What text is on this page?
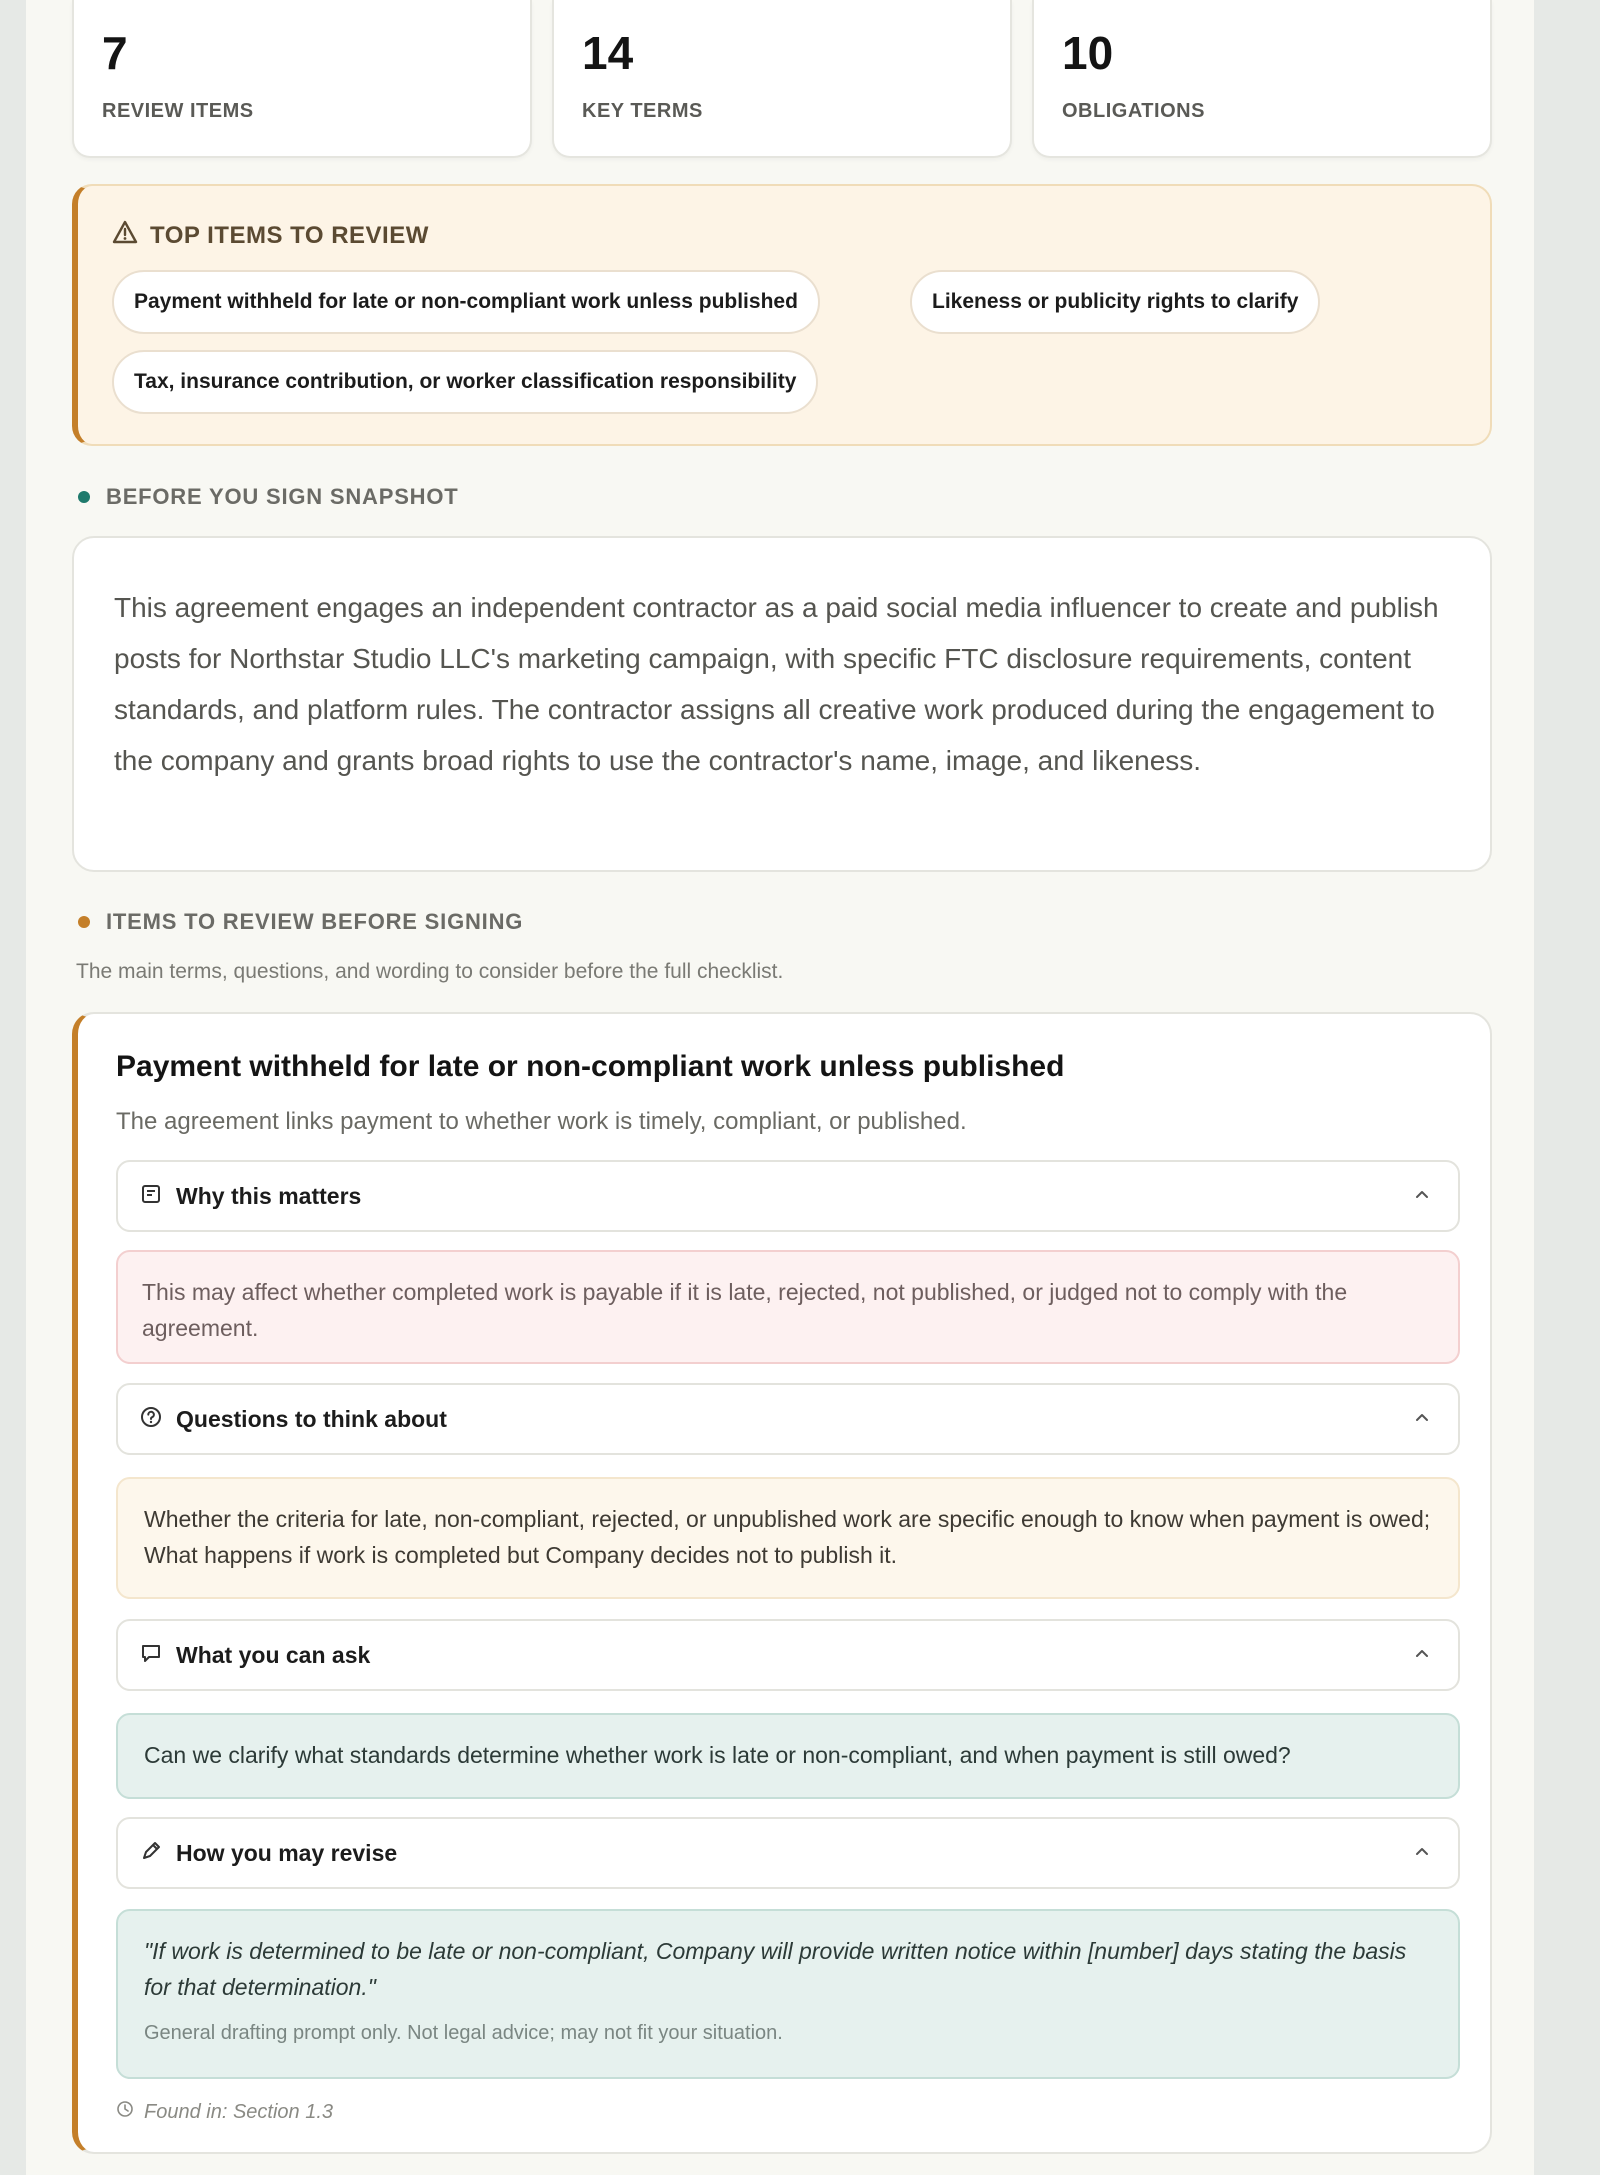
7
REVIEW ITEMS
14
KEY TERMS
10
OBLIGATIONS
TOP ITEMS TO REVIEW
Payment withheld for late or non-compliant work unless published	Likeness or publicity rights to clarify
Tax, insurance contribution, or worker classification responsibility
BEFORE YOU SIGN SNAPSHOT
This agreement engages an independent contractor as a paid social media influencer to create and publish posts for Northstar Studio LLC's marketing campaign, with specific FTC disclosure requirements, content standards, and platform rules. The contractor assigns all creative work produced during the engagement to the company and grants broad rights to use the contractor's name, image, and likeness.
ITEMS TO REVIEW BEFORE SIGNING
The main terms, questions, and wording to consider before the full checklist.
Payment withheld for late or non-compliant work unless published
The agreement links payment to whether work is timely, compliant, or published.
Why this matters
This may affect whether completed work is payable if it is late, rejected, not published, or judged not to comply with the agreement.
Questions to think about
Whether the criteria for late, non-compliant, rejected, or unpublished work are specific enough to know when payment is owed; What happens if work is completed but Company decides not to publish it.
What you can ask
Can we clarify what standards determine whether work is late or non-compliant, and when payment is still owed?
How you may revise
"If work is determined to be late or non-compliant, Company will provide written notice within [number] days stating the basis for that determination."
General drafting prompt only. Not legal advice; may not fit your situation.
Found in: Section 1.3
